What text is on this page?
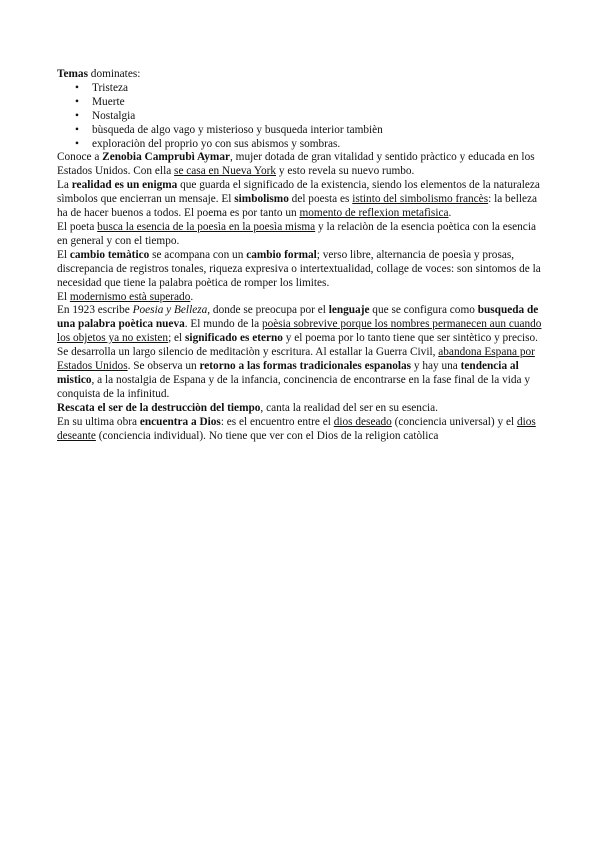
Temas dominates:

• Tristeza
• Muerte
• Nostalgia
• bùsqueda de algo vago y misterioso y busqueda interior tambièn
• exploraciòn del proprio yo con sus abismos y sombras.

Conoce a Zenobia Camprubì Aymar, mujer dotada de gran vitalidad y sentido pràctico y educada en los Estados Unidos. Con ella se casa en Nueva York y esto revela su nuevo rumbo.

La realidad es un enigma que guarda el significado de la existencia, siendo los elementos de la naturaleza sìmbolos que encierran un mensaje. El simbolismo del poesta es istinto del simbolismo francès: la belleza ha de hacer buenos a todos. El poema es por tanto un momento de reflexion metafìsica.

El poeta busca la esencia de la poesìa en la poesìa misma y la relaciòn de la esencia poètica con la esencia en general y con el tiempo.

El cambio temàtico se acompana con un cambio formal; verso libre, alternancia de poesìa y prosas, discrepancia de registros tonales, riqueza expresiva o intertextualidad, collage de voces: son sintomos de la necesidad que tiene la palabra poètica de romper los limites.

El modernismo està superado.

En 1923 escribe Poesia y Belleza, donde se preocupa por el lenguaje que se configura como busqueda de una palabra poètica nueva. El mundo de la poèsia sobrevive porque los nombres permanecen aun cuando los objetos ya no existen; el significado es eterno y el poema por lo tanto tiene que ser sintètico y preciso.

Se desarrolla un largo silencio de meditaciòn y escritura. Al estallar la Guerra Civil, abandona Espana por Estados Unidos. Se observa un retorno a las formas tradicionales espanolas y hay una tendencia al mistico, a la nostalgia de Espana y de la infancia, concinencia de encontrarse en la fase final de la vida y conquista de la infinitud.

Rescata el ser de la destrucciòn del tiempo, canta la realidad del ser en su esencia.

En su ultima obra encuentra a Dios: es el encuentro entre el dios deseado (conciencia universal) y el dios deseante (conciencia individual). No tiene que ver con el Dios de la religion catòlica
